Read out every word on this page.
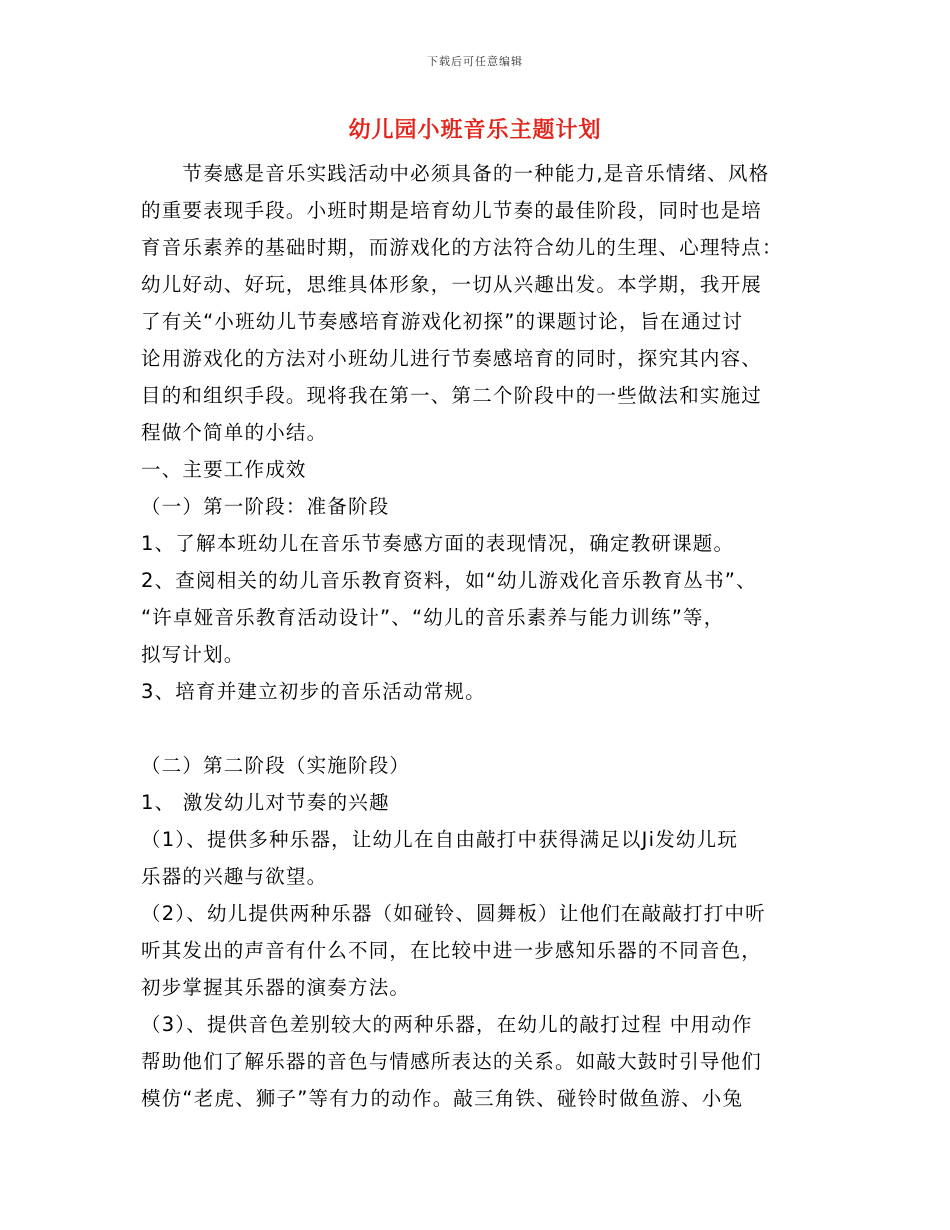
下载后可任意编辑
幼儿园小班音乐主题计划
　　节奏感是音乐实践活动中必须具备的一种能力,是音乐情绪、风格
的重要表现手段。小班时期是培育幼儿节奏的最佳阶段，同时也是培
育音乐素养的基础时期，而游戏化的方法符合幼儿的生理、心理特点：
幼儿好动、好玩，思维具体形象，一切从兴趣出发。本学期，我开展
了有关“小班幼儿节奏感培育游戏化初探”的课题讨论，旨在通过讨
论用游戏化的方法对小班幼儿进行节奏感培育的同时，探究其内容、
目的和组织手段。现将我在第一、第二个阶段中的一些做法和实施过
程做个简单的小结。
一、主要工作成效
（一）第一阶段：准备阶段
1、了解本班幼儿在音乐节奏感方面的表现情况，确定教研课题。
2、查阅相关的幼儿音乐教育资料，如“幼儿游戏化音乐教育丛书”、
“许卓娅音乐教育活动设计”、“幼儿的音乐素养与能力训练”等，
拟写计划。
3、培育并建立初步的音乐活动常规。
（二）第二阶段（实施阶段）
1、 激发幼儿对节奏的兴趣
（1）、提供多种乐器，让幼儿在自由敲打中获得满足以Ji发幼儿玩
乐器的兴趣与欲望。
（2）、幼儿提供两种乐器（如碰铃、圆舞板）让他们在敲敲打打中听
听其发出的声音有什么不同，在比较中进一步感知乐器的不同音色，
初步掌握其乐器的演奏方法。
（3）、提供音色差别较大的两种乐器，在幼儿的敲打过程 中用动作
帮助他们了解乐器的音色与情感所表达的关系。如敲大鼓时引导他们
模仿“老虎、狮子”等有力的动作。敲三角铁、碰铃时做鱼游、小兔
